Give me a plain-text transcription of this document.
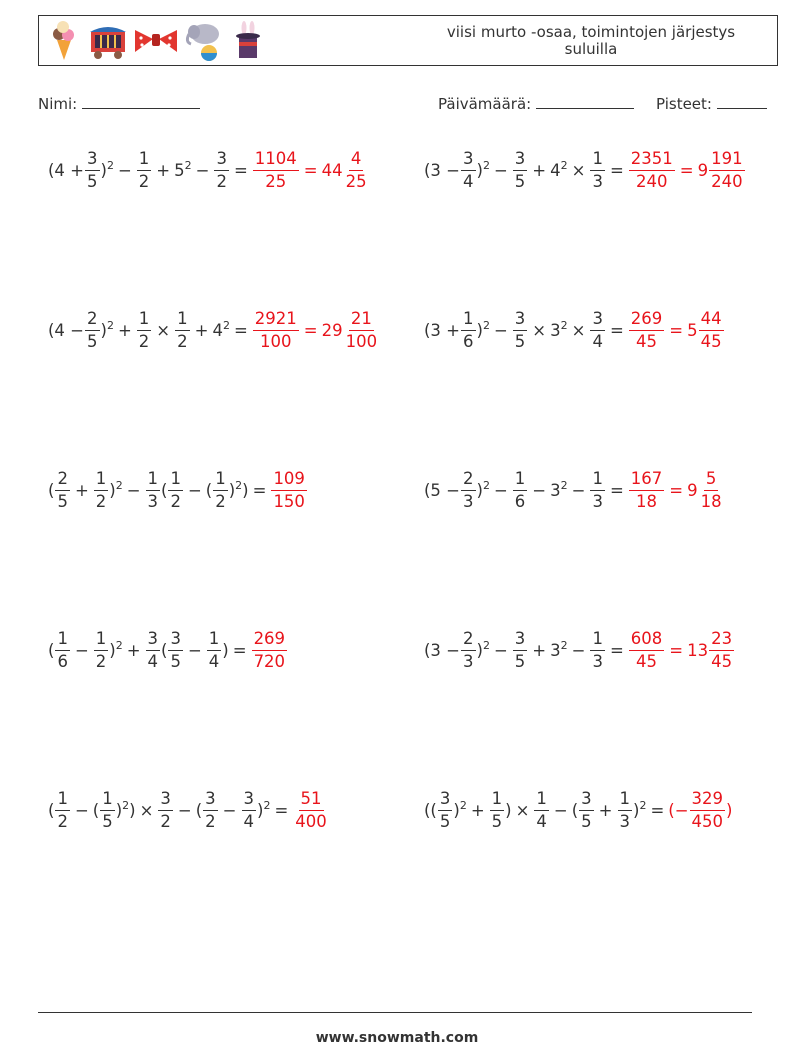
viisi murto -osaa, toimintojen järjestys
suluilla
Nimi:	Päivämäärä:	Pisteet:
$(4 + \frac{3}{5} )^2 - \frac{1}{2} + 5^2 - \frac{3}{2} = \frac{1104}{25} = 44 \frac{4}{25}$	$(3 - \frac{3}{4} )^2 - \frac{3}{5} + 4^2 \times \frac{1}{3} = \frac{2351}{240} = 9 \frac{191}{240}$
$(4 - \frac{2}{5} )^2 + \frac{1}{2} \times \frac{1}{2} + 4^2 = \frac{2921}{100} = 29 \frac{21}{100}$	$(3 + \frac{1}{6} )^2 - \frac{3}{5} \times 3^2 \times \frac{3}{4} = \frac{269}{45} = 5 \frac{44}{45}$
( $\frac{2}{5} + \frac{1}{2} )^2 - \frac{1}{3}$ ( $\frac{1}{2}$ − ( $\frac{1}{2} )^2$ ) = $\frac{109}{150}$	$(5 - \frac{2}{3} )^2 - \frac{1}{6} - 3^2 - \frac{1}{3} = \frac{167}{18} = 9 \frac{5}{18}$
( $\frac{1}{6} - \frac{1}{2} )^2 + \frac{3}{4}$ ( $\frac{3}{5} - \frac{1}{4}$ ) = $\frac{269}{720}$	$(3 - \frac{2}{3} )^2 - \frac{3}{5} + 3^2 - \frac{1}{3} = \frac{608}{45} = 13 \frac{23}{45}$
( $\frac{1}{2}$ − ( $\frac{1}{5} )^2$ ) × $\frac{3}{2}$ − ( $\frac{3}{2} - \frac{3}{4} )^2 = \frac{51}{400}$	(( $\frac{3}{5} )^2 + \frac{1}{5}$ ) × $\frac{1}{4}$ − ( $\frac{3}{5} + \frac{1}{3} )^2$ = (− $\frac{329}{450}$ )
www.snowmath.com
